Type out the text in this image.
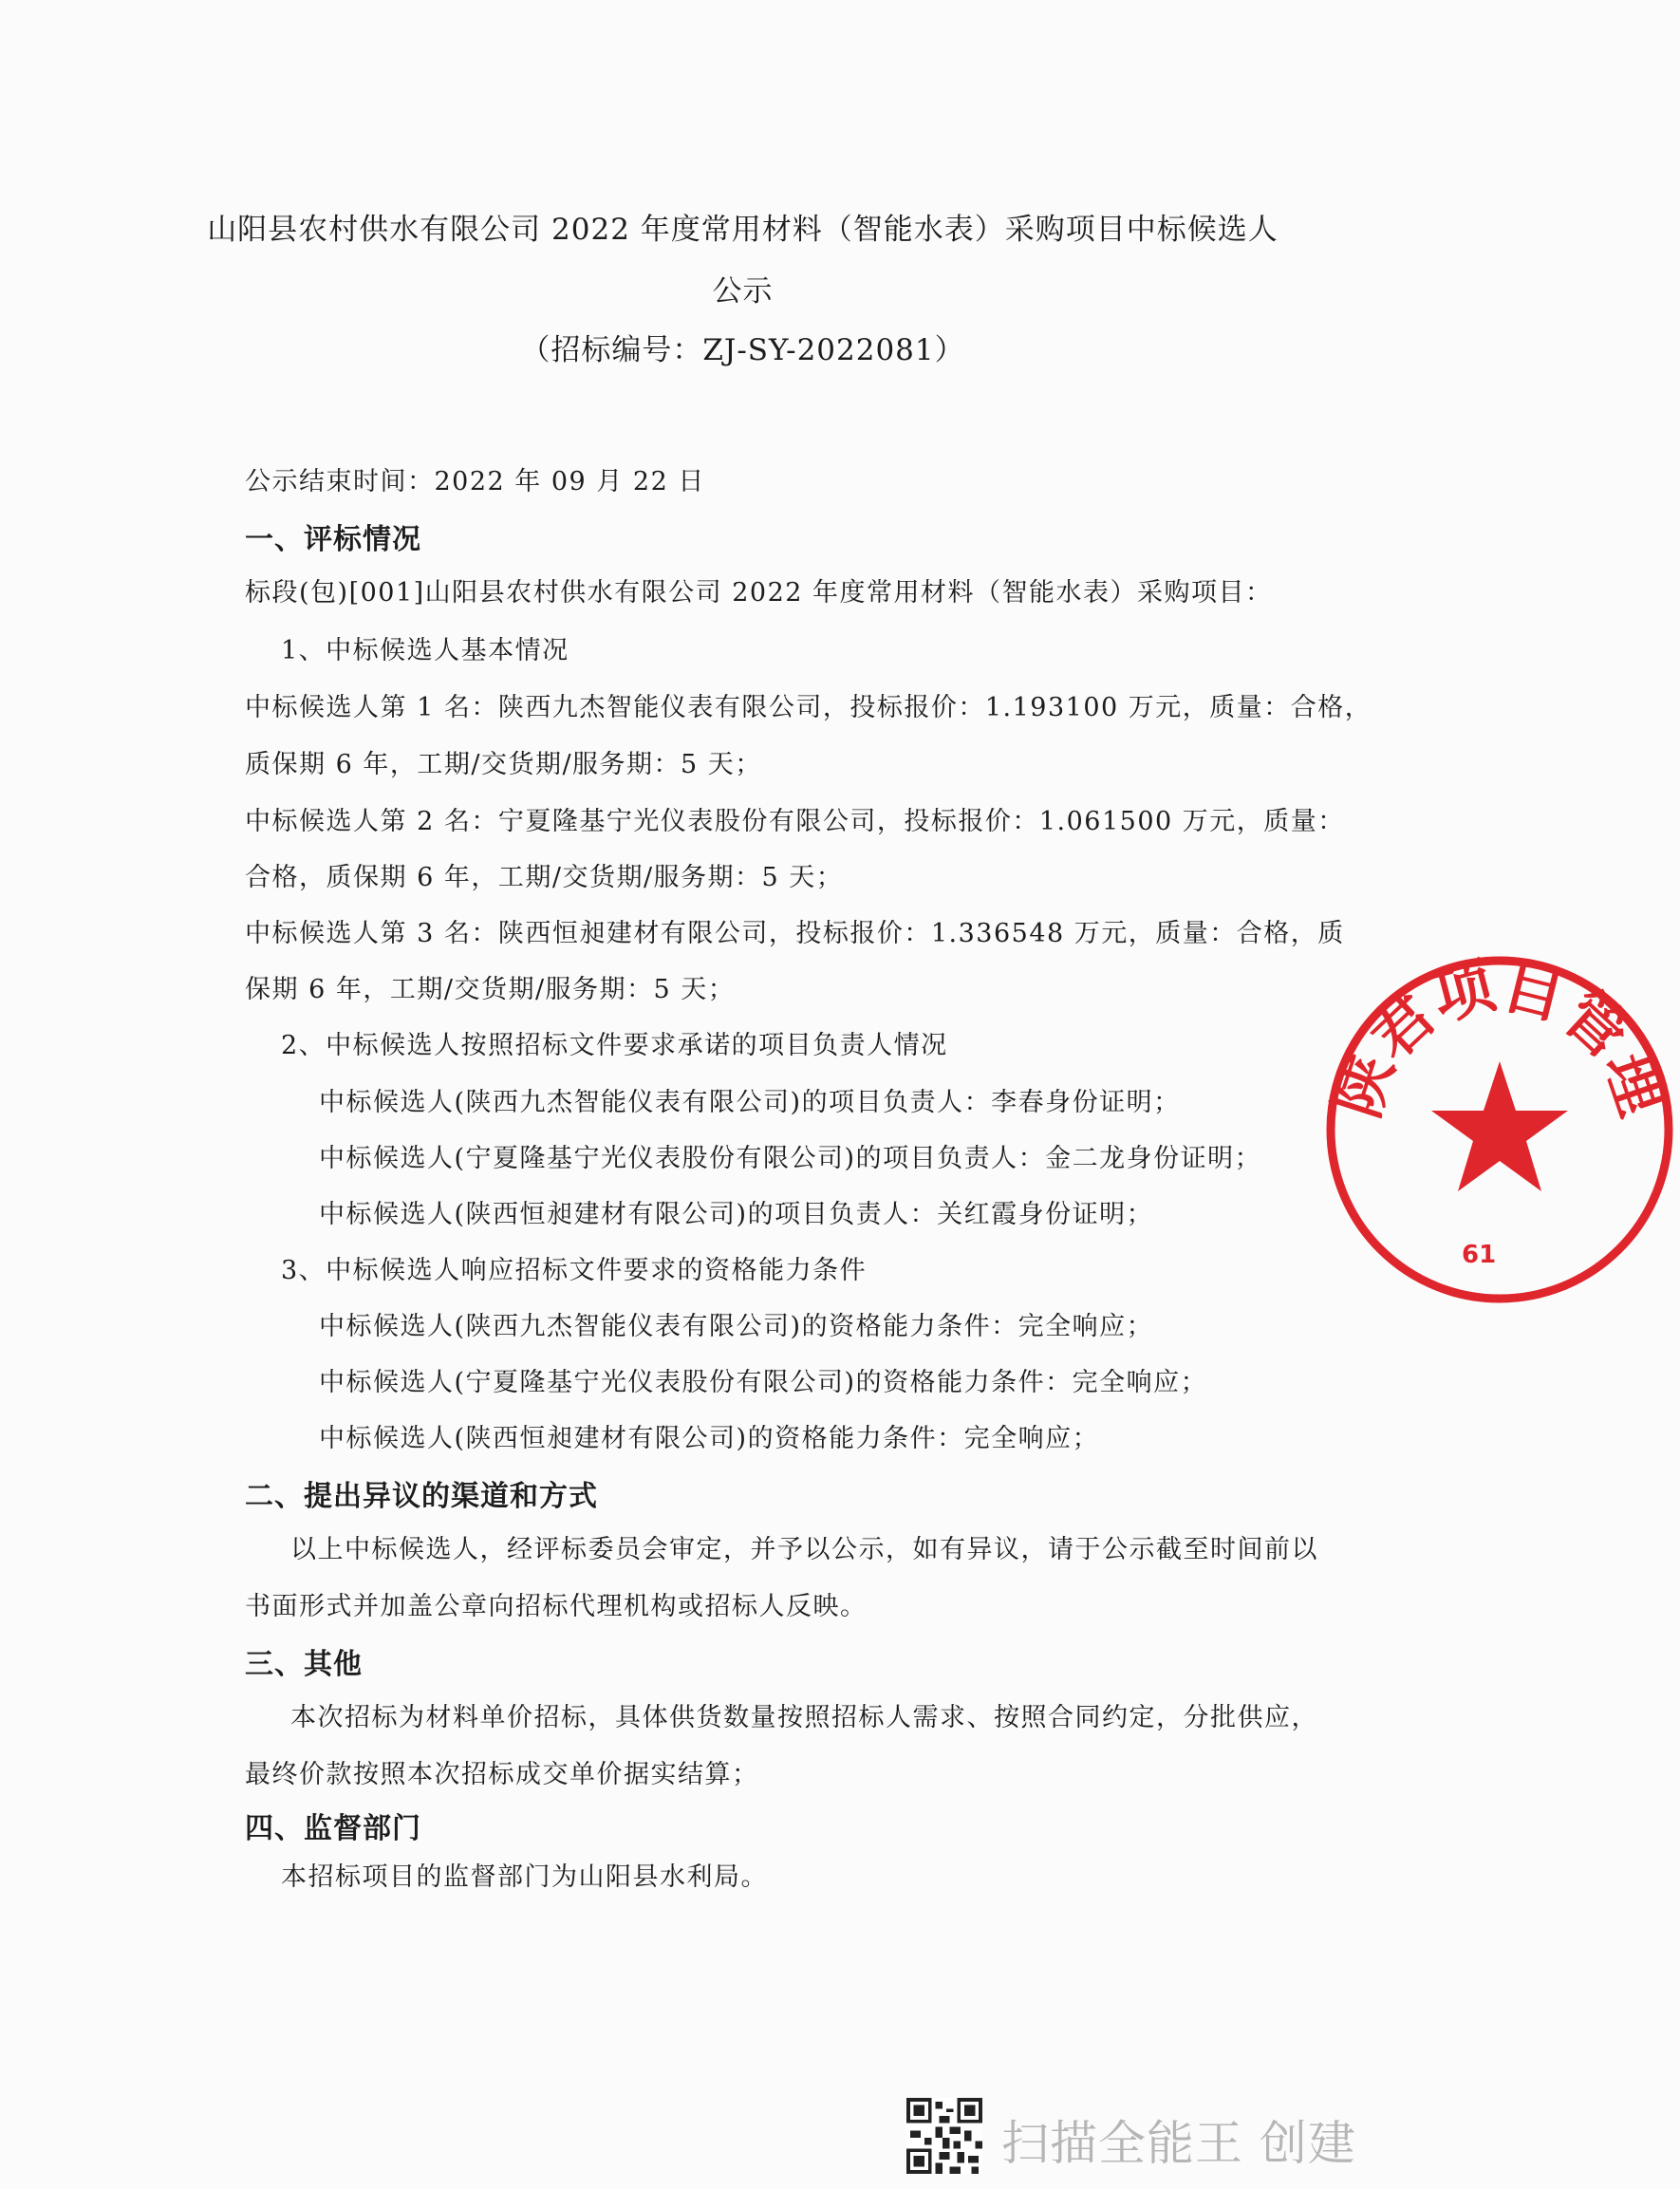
山阳县农村供水有限公司 2022 年度常用材料（智能水表）采购项目中标候选人
公示
（招标编号：ZJ-SY-2022081）
公示结束时间：2022 年 09 月 22 日
一、评标情况
标段(包)[001]山阳县农村供水有限公司 2022 年度常用材料（智能水表）采购项目：
1、中标候选人基本情况
中标候选人第 1 名：陕西九杰智能仪表有限公司，投标报价：1.193100 万元，质量：合格，
质保期 6 年，工期/交货期/服务期：5 天；
中标候选人第 2 名：宁夏隆基宁光仪表股份有限公司，投标报价：1.061500 万元，质量：
合格，质保期 6 年，工期/交货期/服务期：5 天；
中标候选人第 3 名：陕西恒昶建材有限公司，投标报价：1.336548 万元，质量：合格，质
保期 6 年，工期/交货期/服务期：5 天；
2、中标候选人按照招标文件要求承诺的项目负责人情况
中标候选人(陕西九杰智能仪表有限公司)的项目负责人：李春身份证明；
中标候选人(宁夏隆基宁光仪表股份有限公司)的项目负责人：金二龙身份证明；
中标候选人(陕西恒昶建材有限公司)的项目负责人：关红霞身份证明；
3、中标候选人响应招标文件要求的资格能力条件
中标候选人(陕西九杰智能仪表有限公司)的资格能力条件：完全响应；
中标候选人(宁夏隆基宁光仪表股份有限公司)的资格能力条件：完全响应；
中标候选人(陕西恒昶建材有限公司)的资格能力条件：完全响应；
二、提出异议的渠道和方式
以上中标候选人，经评标委员会审定，并予以公示，如有异议，请于公示截至时间前以
书面形式并加盖公章向招标代理机构或招标人反映。
三、其他
本次招标为材料单价招标，具体供货数量按照招标人需求、按照合同约定，分批供应，
最终价款按照本次招标成交单价据实结算；
四、监督部门
本招标项目的监督部门为山阳县水利局。
陕君项目管理
61
扫描全能王 创建
